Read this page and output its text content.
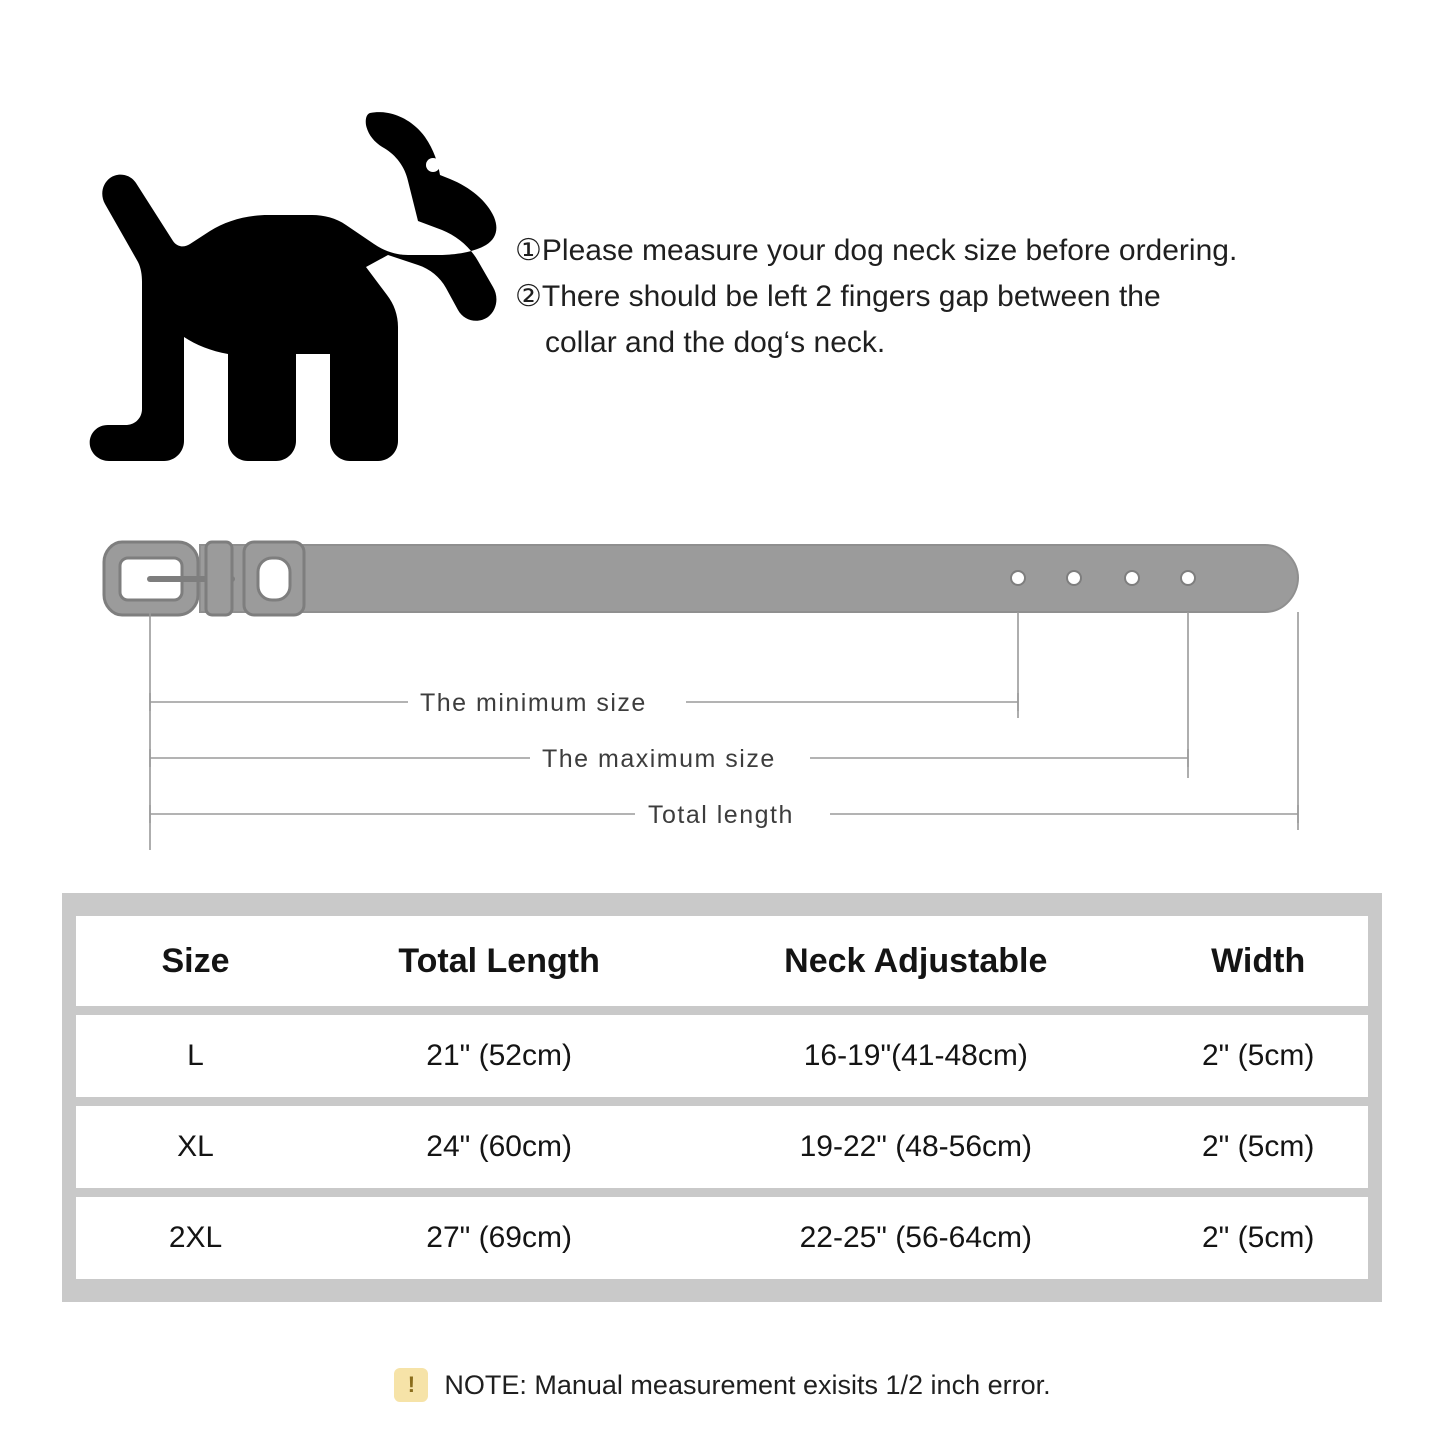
①Please measure your dog neck size before ordering.
②There should be left 2 fingers gap between the
collar and the dog‘s neck.
The minimum size
The maximum size
Total length
Size	Total Length	Neck Adjustable	Width
L	21" (52cm)	16-19"(41-48cm)	2" (5cm)
XL	24" (60cm)	19-22" (48-56cm)	2" (5cm)
2XL	27" (69cm)	22-25" (56-64cm)	2" (5cm)
!	NOTE: Manual measurement exisits 1/2 inch error.
